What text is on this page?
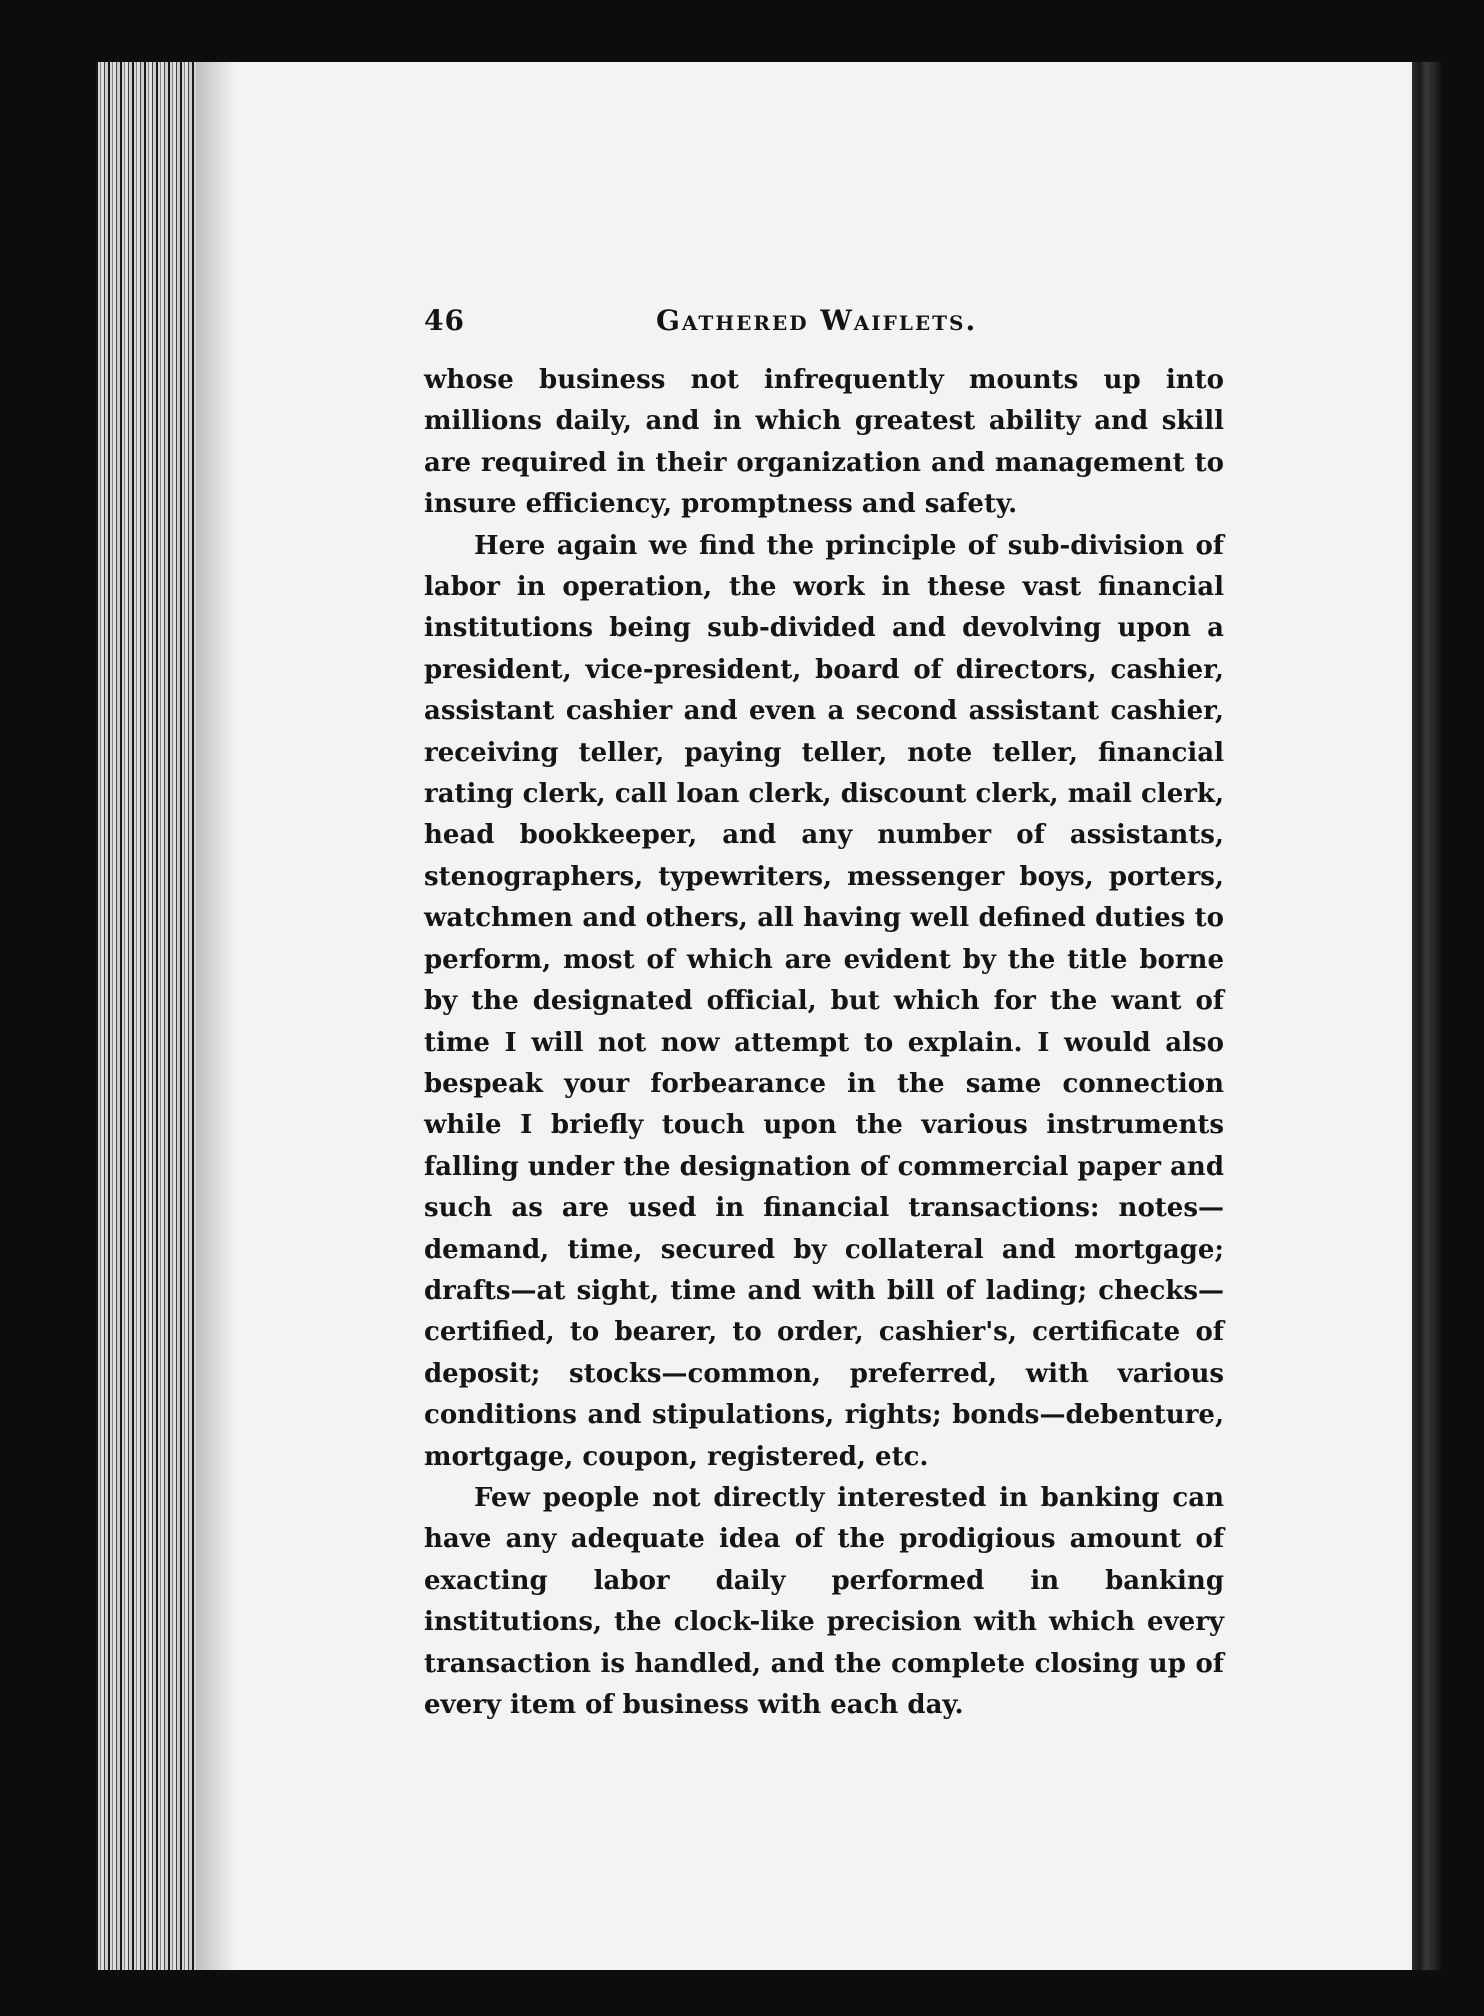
46	Gathered Waiflets.

whose business not infrequently mounts up into millions daily, and in which greatest ability and skill are required in their organization and management to insure efficiency, promptness and safety.

Here again we find the principle of sub-division of labor in operation, the work in these vast financial institutions being sub-divided and devolving upon a president, vice-president, board of directors, cashier, assistant cashier and even a second assistant cashier, receiving teller, paying teller, note teller, financial rating clerk, call loan clerk, discount clerk, mail clerk, head bookkeeper, and any number of assistants, stenographers, typewriters, messenger boys, porters, watchmen and others, all having well defined duties to perform, most of which are evident by the title borne by the designated official, but which for the want of time I will not now attempt to explain. I would also bespeak your forbearance in the same connection while I briefly touch upon the various instruments falling under the designation of commercial paper and such as are used in financial transactions: notes—demand, time, secured by collateral and mortgage; drafts—at sight, time and with bill of lading; checks—certified, to bearer, to order, cashier's, certificate of deposit; stocks—common, preferred, with various conditions and stipulations, rights; bonds—debenture, mortgage, coupon, registered, etc.

Few people not directly interested in banking can have any adequate idea of the prodigious amount of exacting labor daily performed in banking institutions, the clock-like precision with which every transaction is handled, and the complete closing up of every item of business with each day.
